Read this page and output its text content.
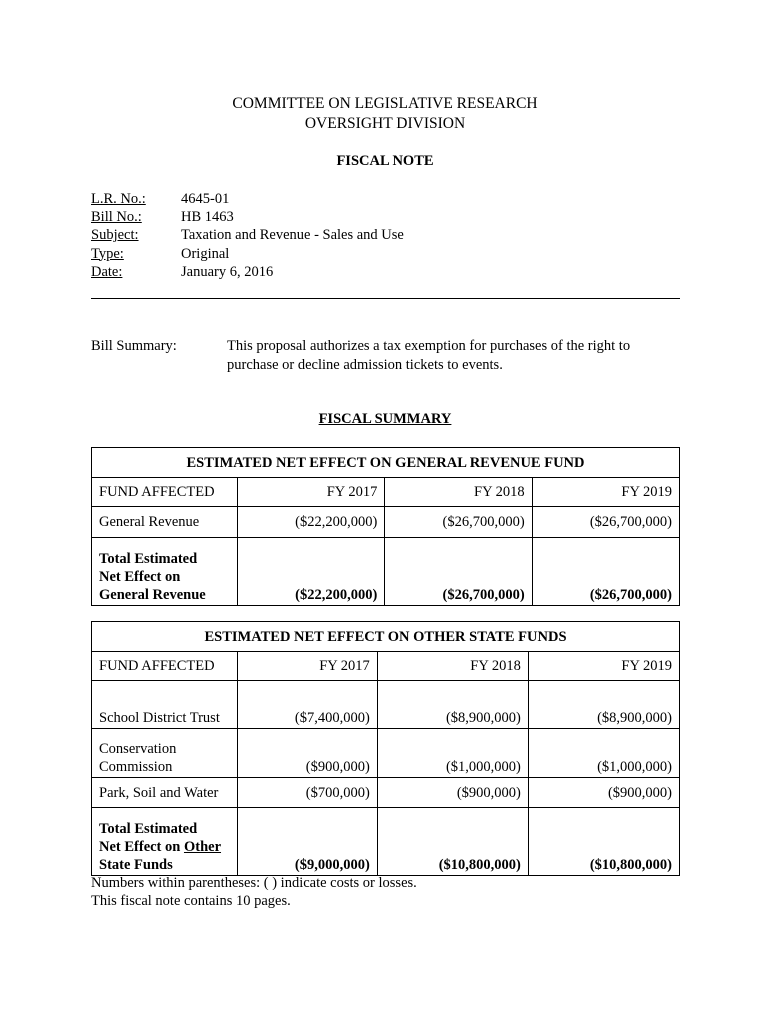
COMMITTEE ON LEGISLATIVE RESEARCH
OVERSIGHT DIVISION
FISCAL NOTE
L.R. No.:	4645-01
Bill No.:	HB 1463
Subject:	Taxation and Revenue - Sales and Use
Type:	Original
Date:	January 6, 2016
Bill Summary:	This proposal authorizes a tax exemption for purchases of the right to purchase or decline admission tickets to events.
FISCAL SUMMARY
ESTIMATED NET EFFECT ON GENERAL REVENUE FUND			
FUND AFFECTED	FY 2017	FY 2018	FY 2019
General Revenue	($22,200,000)	($26,700,000)	($26,700,000)

Total Estimated
Net Effect on
General Revenue	($22,200,000)	($26,700,000)	($26,700,000)
ESTIMATED NET EFFECT ON OTHER STATE FUNDS			
FUND AFFECTED	FY 2017	FY 2018	FY 2019
School District Trust	($7,400,000)	($8,900,000)	($8,900,000)

Conservation
Commission	($900,000)	($1,000,000)	($1,000,000)
Park, Soil and Water	($700,000)	($900,000)	($900,000)

Total Estimated
Net Effect on Other
State Funds	($9,000,000)	($10,800,000)	($10,800,000)
Numbers within parentheses: ( ) indicate costs or losses.
This fiscal note contains 10 pages.
